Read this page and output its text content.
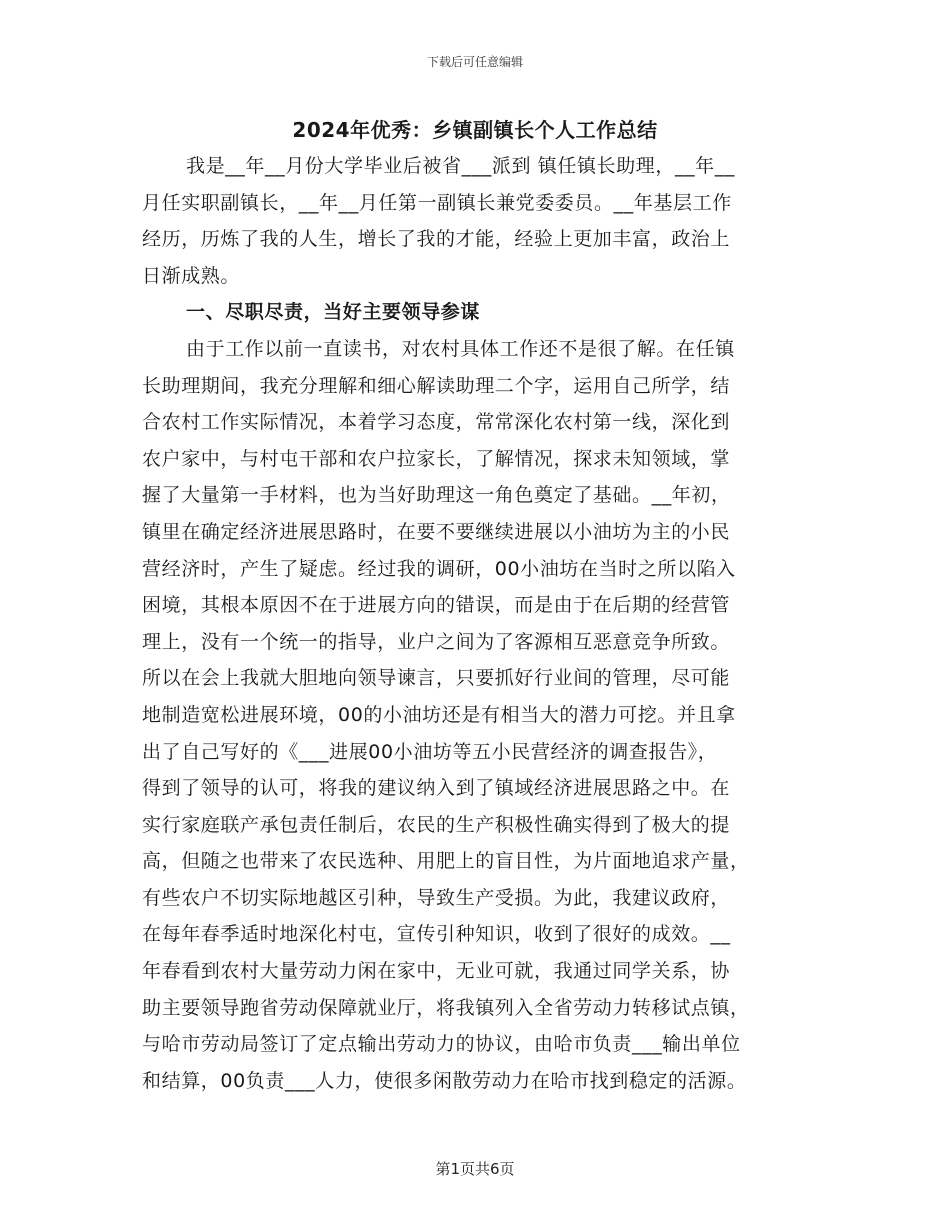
下载后可任意编辑
2024年优秀：乡镇副镇长个人工作总结
我是__年__月份大学毕业后被省___派到 镇任镇长助理，__年__
月任实职副镇长，__年__月任第一副镇长兼党委委员。__年基层工作
经历，历炼了我的人生，增长了我的才能，经验上更加丰富，政治上
日渐成熟。
一、尽职尽责，当好主要领导参谋
由于工作以前一直读书，对农村具体工作还不是很了解。在任镇
长助理期间，我充分理解和细心解读助理二个字，运用自己所学，结
合农村工作实际情况，本着学习态度，常常深化农村第一线，深化到
农户家中，与村屯干部和农户拉家长，了解情况，探求未知领域，掌
握了大量第一手材料，也为当好助理这一角色奠定了基础。__年初，
镇里在确定经济进展思路时，在要不要继续进展以小油坊为主的小民
营经济时，产生了疑虑。经过我的调研，00小油坊在当时之所以陷入
困境，其根本原因不在于进展方向的错误，而是由于在后期的经营管
理上，没有一个统一的指导，业户之间为了客源相互恶意竞争所致。
所以在会上我就大胆地向领导谏言，只要抓好行业间的管理，尽可能
地制造宽松进展环境，00的小油坊还是有相当大的潜力可挖。并且拿
出了自己写好的《___进展00小油坊等五小民营经济的调查报告》，
得到了领导的认可，将我的建议纳入到了镇域经济进展思路之中。在
实行家庭联产承包责任制后，农民的生产积极性确实得到了极大的提
高，但随之也带来了农民选种、用肥上的盲目性，为片面地追求产量，
有些农户不切实际地越区引种，导致生产受损。为此，我建议政府，
在每年春季适时地深化村屯，宣传引种知识，收到了很好的成效。__
年春看到农村大量劳动力闲在家中，无业可就，我通过同学关系，协
助主要领导跑省劳动保障就业厅，将我镇列入全省劳动力转移试点镇，
与哈市劳动局签订了定点输出劳动力的协议，由哈市负责___输出单位
和结算，00负责___人力，使很多闲散劳动力在哈市找到稳定的活源。
第1页共6页
